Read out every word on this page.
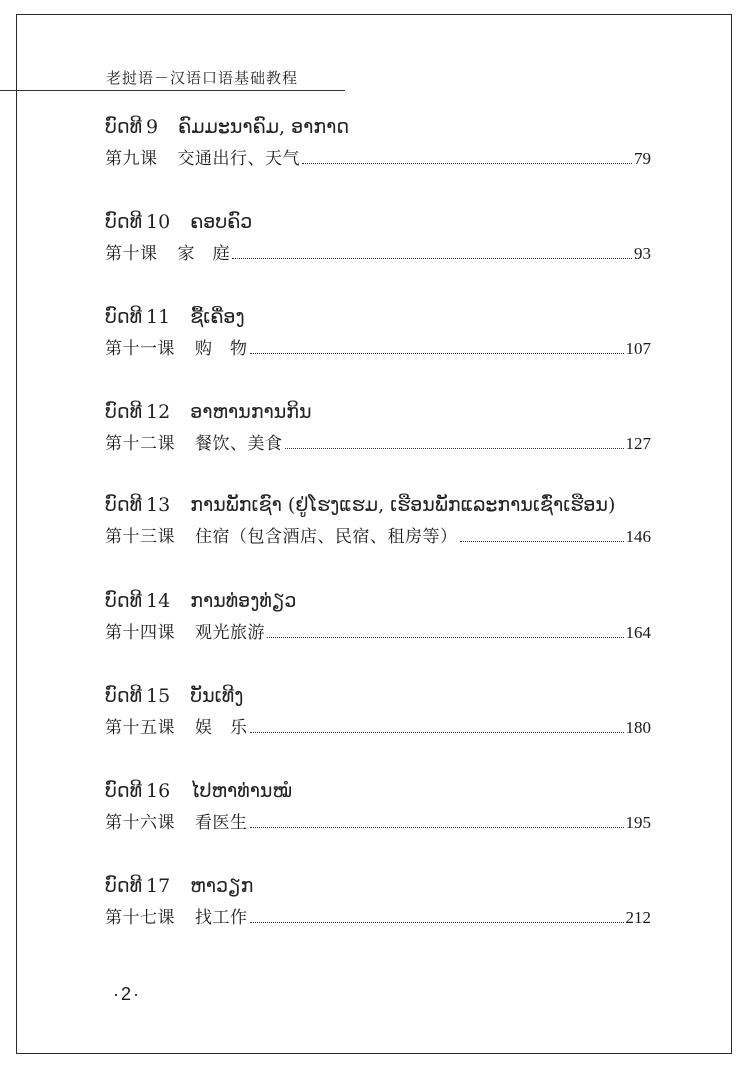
老挝语－汉语口语基础教程
ບົດທີ 9 ຄົມມະນາຄົມ, ອາກາດ
第九课 交通出行、天气	79
ບົດທີ 10 ຄອບຄົວ
第十课 家　庭	93
ບົດທີ 11 ຊື້ເຄື່ອງ
第十一课 购　物	107
ບົດທີ 12 ອາຫານການກິນ
第十二课 餐饮、美食	127
ບົດທີ 13 ການພັກເຊົາ (ຢູ່ໂຮງແຮມ, ເຮືອນພັກແລະການເຊົ່າເຮືອນ)
第十三课 住宿（包含酒店、民宿、租房等）	146
ບົດທີ 14 ການທ່ອງທ່ຽວ
第十四课 观光旅游	164
ບົດທີ 15 ບັນເທີງ
第十五课 娱　乐	180
ບົດທີ 16 ໄປຫາທ່ານໝໍ
第十六课 看医生	195
ບົດທີ 17 ຫາວຽກ
第十七课 找工作	212
·2·
